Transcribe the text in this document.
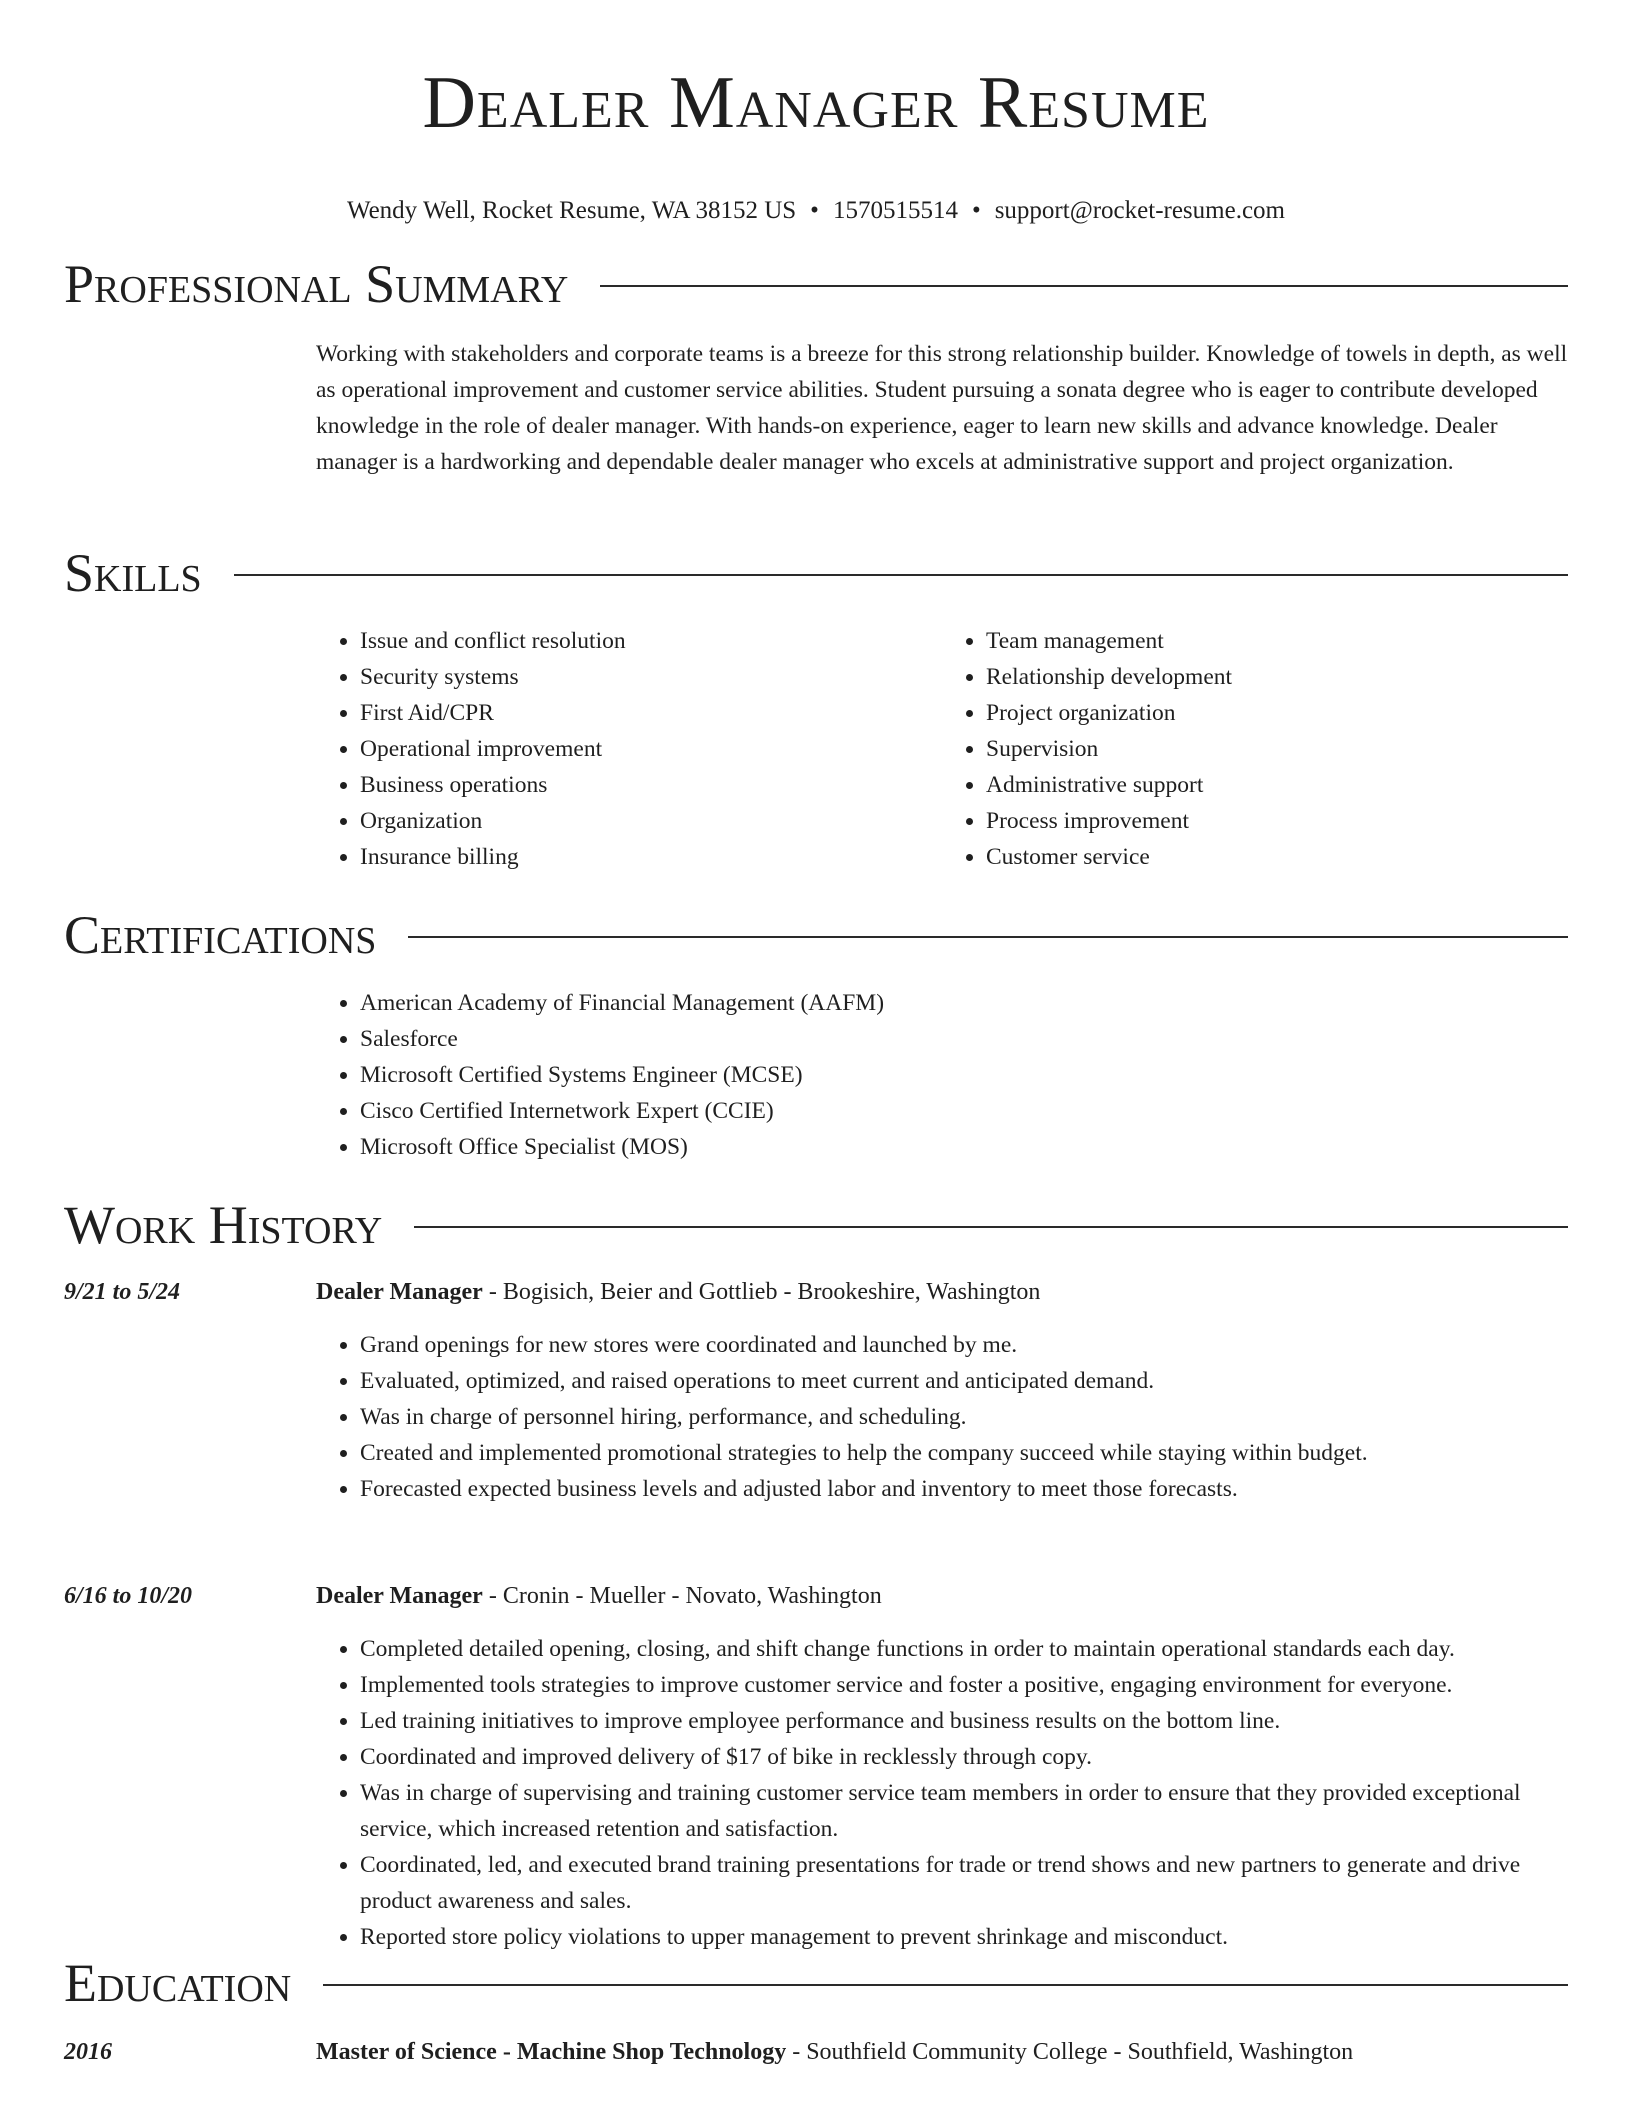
Dealer Manager Resume
Wendy Well, Rocket Resume, WA 38152 US • 1570515514 • support@rocket-resume.com
Professional Summary

Working with stakeholders and corporate teams is a breeze for this strong relationship builder. Knowledge of towels in depth, as well as operational improvement and customer service abilities. Student pursuing a sonata degree who is eager to contribute developed knowledge in the role of dealer manager. With hands-on experience, eager to learn new skills and advance knowledge. Dealer manager is a hardworking and dependable dealer manager who excels at administrative support and project organization.

Skills
• Issue and conflict resolution
• Security systems
• First Aid/CPR
• Operational improvement
• Business operations
• Organization
• Insurance billing
• Team management
• Relationship development
• Project organization
• Supervision
• Administrative support
• Process improvement
• Customer service
Certifications
• American Academy of Financial Management (AAFM)
• Salesforce
• Microsoft Certified Systems Engineer (MCSE)
• Cisco Certified Internetwork Expert (CCIE)
• Microsoft Office Specialist (MOS)
Work History
9/21 to 5/24	Dealer Manager - Bogisich, Beier and Gottlieb - Brookeshire, Washington
• Grand openings for new stores were coordinated and launched by me.
• Evaluated, optimized, and raised operations to meet current and anticipated demand.
• Was in charge of personnel hiring, performance, and scheduling.
• Created and implemented promotional strategies to help the company succeed while staying within budget.
• Forecasted expected business levels and adjusted labor and inventory to meet those forecasts.
6/16 to 10/20	Dealer Manager - Cronin - Mueller - Novato, Washington
• Completed detailed opening, closing, and shift change functions in order to maintain operational standards each day.
• Implemented tools strategies to improve customer service and foster a positive, engaging environment for everyone.
• Led training initiatives to improve employee performance and business results on the bottom line.
• Coordinated and improved delivery of $17 of bike in recklessly through copy.
• Was in charge of supervising and training customer service team members in order to ensure that they provided exceptional service, which increased retention and satisfaction.
• Coordinated, led, and executed brand training presentations for trade or trend shows and new partners to generate and drive product awareness and sales.
• Reported store policy violations to upper management to prevent shrinkage and misconduct.
Education
2016	Master of Science - Machine Shop Technology - Southfield Community College - Southfield, Washington
